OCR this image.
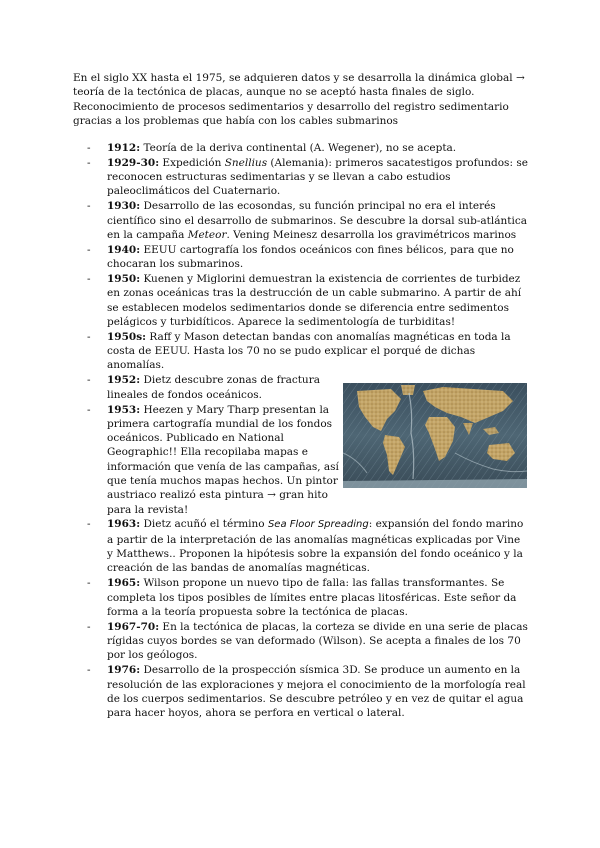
En el siglo XX hasta el 1975, se adquieren datos y se desarrolla la dinámica global → teoría de la tectónica de placas, aunque no se aceptó hasta finales de siglo. Reconocimiento de procesos sedimentarios y desarrollo del registro sedimentario gracias a los problemas que había con los cables submarinos

- 1912: Teoría de la deriva continental (A. Wegener), no se acepta.
- 1929-30: Expedición Snellius (Alemania): primeros sacatestigos profundos: se reconocen estructuras sedimentarias y se llevan a cabo estudios paleoclimáticos del Cuaternario.
- 1930: Desarrollo de las ecosondas, su función principal no era el interés científico sino el desarrollo de submarinos. Se descubre la dorsal sub-atlántica en la campaña Meteor. Vening Meinesz desarrolla los gravimétricos marinos
- 1940: EEUU cartografía los fondos oceánicos con fines bélicos, para que no chocaran los submarinos.
- 1950: Kuenen y Miglorini demuestran la existencia de corrientes de turbidez en zonas oceánicas tras la destrucción de un cable submarino. A partir de ahí se establecen modelos sedimentarios donde se diferencia entre sedimentos pelágicos y turbidíticos. Aparece la sedimentología de turbiditas!
- 1950s: Raff y Mason detectan bandas con anomalías magnéticas en toda la costa de EEUU. Hasta los 70 no se pudo explicar el porqué de dichas anomalías.
- 1952: Dietz descubre zonas de fractura lineales de fondos oceánicos.
- 1953: Heezen y Mary Tharp presentan la primera cartografía mundial de los fondos oceánicos. Publicado en National Geographic!! Ella recopilaba mapas e información que venía de las campañas, así que tenía muchos mapas hechos. Un pintor austriaco realizó esta pintura → gran hito para la revista!
- 1963: Dietz acuñó el término Sea Floor Spreading: expansión del fondo marino a partir de la interpretación de las anomalías magnéticas explicadas por Vine y Matthews.. Proponen la hipótesis sobre la expansión del fondo oceánico y la creación de las bandas de anomalías magnéticas.
- 1965: Wilson propone un nuevo tipo de falla: las fallas transformantes. Se completa los tipos posibles de límites entre placas litosféricas. Este señor da forma a la teoría propuesta sobre la tectónica de placas.
- 1967-70: En la tectónica de placas, la corteza se divide en una serie de placas rígidas cuyos bordes se van deformado (Wilson). Se acepta a finales de los 70 por los geólogos.
- 1976: Desarrollo de la prospección sísmica 3D. Se produce un aumento en la resolución de las exploraciones y mejora el conocimiento de la morfología real de los cuerpos sedimentarios. Se descubre petróleo y en vez de quitar el agua para hacer hoyos, ahora se perfora en vertical o lateral.
